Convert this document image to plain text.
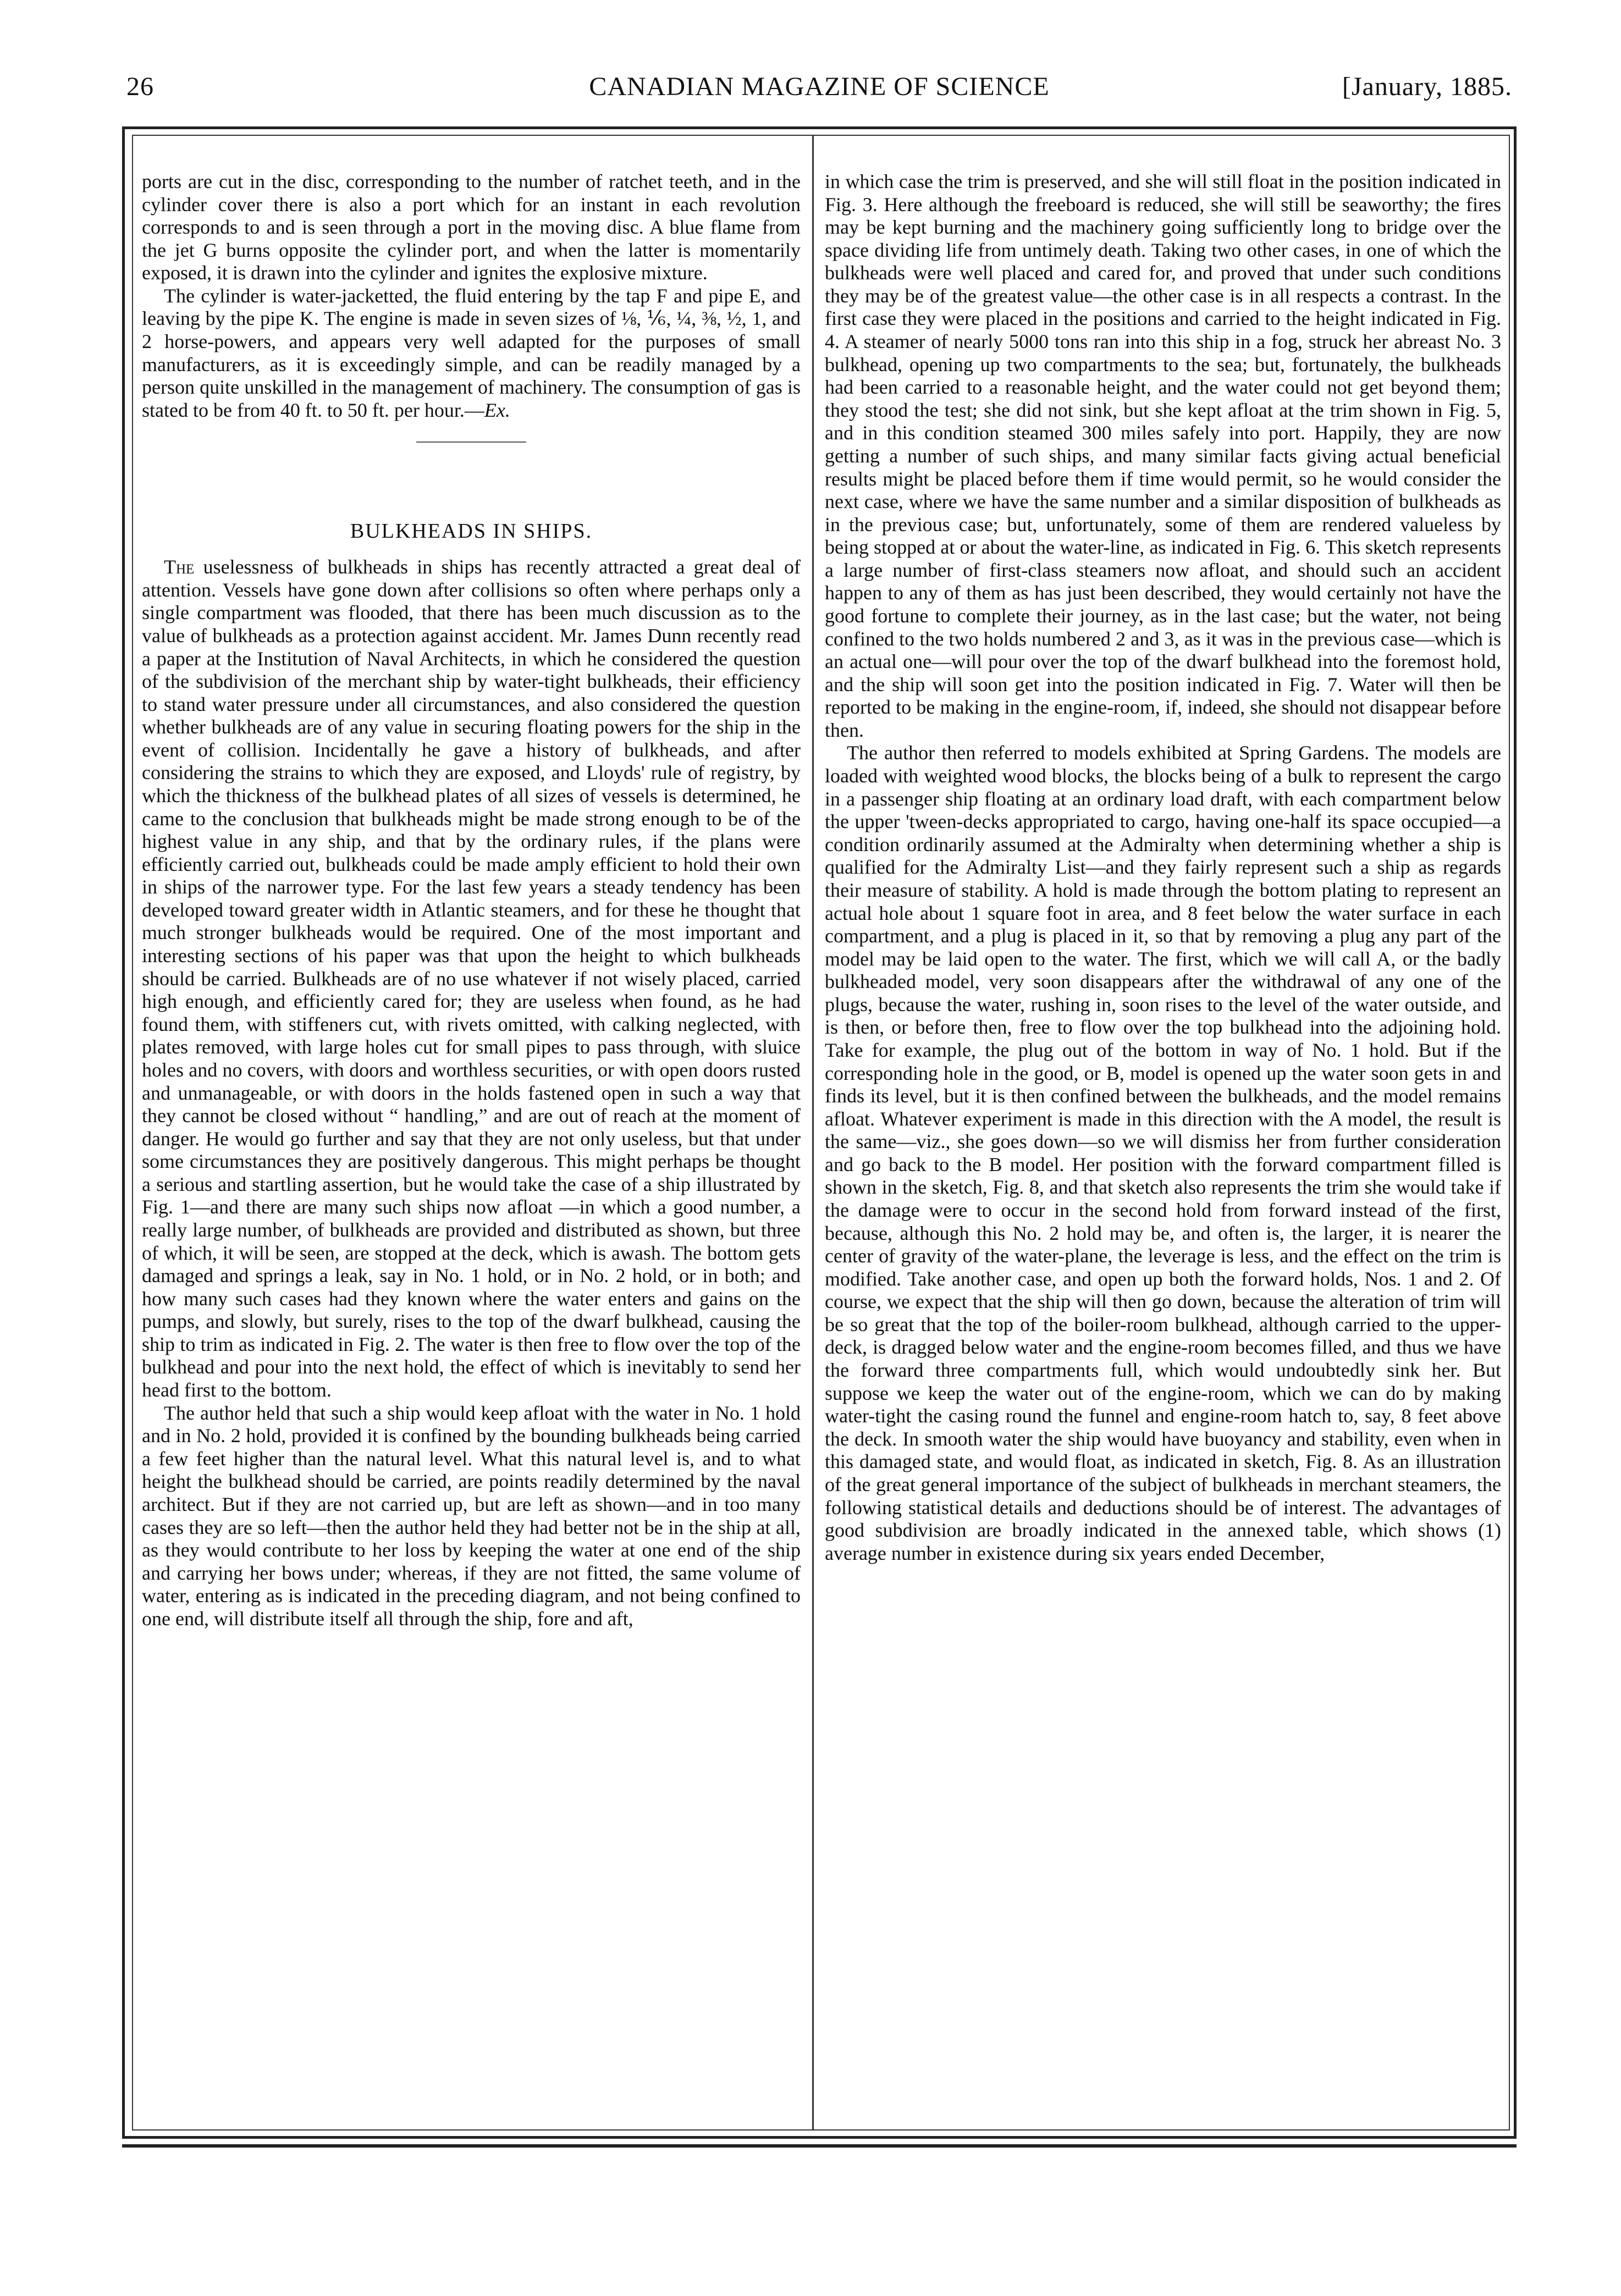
26	CANADIAN MAGAZINE OF SCIENCE	[January, 1885.

ports are cut in the disc, corresponding to the number of ratchet teeth, and in the cylinder cover there is also a port which for an instant in each revolution corresponds to and is seen through a port in the moving disc. A blue flame from the jet G burns opposite the cylinder port, and when the latter is momentarily exposed, it is drawn into the cylinder and ignites the explosive mixture.

The cylinder is water-jacketted, the fluid entering by the tap F and pipe E, and leaving by the pipe K. The engine is made in seven sizes of ⅛, ⅙, ¼, ⅜, ½, 1, and 2 horse-powers, and appears very well adapted for the purposes of small manufacturers, as it is exceedingly simple, and can be readily managed by a person quite unskilled in the management of machinery. The consumption of gas is stated to be from 40 ft. to 50 ft. per hour.—Ex.

BULKHEADS IN SHIPS.

The uselessness of bulkheads in ships has recently attracted a great deal of attention. Vessels have gone down after collisions so often where perhaps only a single compartment was flooded, that there has been much discussion as to the value of bulkheads as a protection against accident. Mr. James Dunn recently read a paper at the Institution of Naval Architects, in which he considered the question of the subdivision of the merchant ship by water-tight bulkheads, their efficiency to stand water pressure under all circumstances, and also considered the question whether bulkheads are of any value in securing floating powers for the ship in the event of collision. Incidentally he gave a history of bulkheads, and after considering the strains to which they are exposed, and Lloyds' rule of registry, by which the thickness of the bulkhead plates of all sizes of vessels is determined, he came to the conclusion that bulkheads might be made strong enough to be of the highest value in any ship, and that by the ordinary rules, if the plans were efficiently carried out, bulkheads could be made amply efficient to hold their own in ships of the narrower type. For the last few years a steady tendency has been developed toward greater width in Atlantic steamers, and for these he thought that much stronger bulkheads would be required. One of the most important and interesting sections of his paper was that upon the height to which bulkheads should be carried. Bulkheads are of no use whatever if not wisely placed, carried high enough, and efficiently cared for; they are useless when found, as he had found them, with stiffeners cut, with rivets omitted, with calking neglected, with plates removed, with large holes cut for small pipes to pass through, with sluice holes and no covers, with doors and worthless securities, or with open doors rusted and unmanageable, or with doors in the holds fastened open in such a way that they cannot be closed without “ handling,” and are out of reach at the moment of danger. He would go further and say that they are not only useless, but that under some circumstances they are positively dangerous. This might perhaps be thought a serious and startling assertion, but he would take the case of a ship illustrated by Fig. 1—and there are many such ships now afloat —in which a good number, a really large number, of bulkheads are provided and distributed as shown, but three of which, it will be seen, are stopped at the deck, which is awash. The bottom gets damaged and springs a leak, say in No. 1 hold, or in No. 2 hold, or in both; and how many such cases had they known where the water enters and gains on the pumps, and slowly, but surely, rises to the top of the dwarf bulkhead, causing the ship to trim as indicated in Fig. 2. The water is then free to flow over the top of the bulkhead and pour into the next hold, the effect of which is inevitably to send her head first to the bottom.

The author held that such a ship would keep afloat with the water in No. 1 hold and in No. 2 hold, provided it is confined by the bounding bulkheads being carried a few feet higher than the natural level. What this natural level is, and to what height the bulkhead should be carried, are points readily determined by the naval architect. But if they are not carried up, but are left as shown—and in too many cases they are so left—then the author held they had better not be in the ship at all, as they would contribute to her loss by keeping the water at one end of the ship and carrying her bows under; whereas, if they are not fitted, the same volume of water, entering as is indicated in the preceding diagram, and not being confined to one end, will distribute itself all through the ship, fore and aft,

in which case the trim is preserved, and she will still float in the position indicated in Fig. 3. Here although the freeboard is reduced, she will still be seaworthy; the fires may be kept burning and the machinery going sufficiently long to bridge over the space dividing life from untimely death. Taking two other cases, in one of which the bulkheads were well placed and cared for, and proved that under such conditions they may be of the greatest value—the other case is in all respects a contrast. In the first case they were placed in the positions and carried to the height indicated in Fig. 4. A steamer of nearly 5000 tons ran into this ship in a fog, struck her abreast No. 3 bulkhead, opening up two compartments to the sea; but, fortunately, the bulkheads had been carried to a reasonable height, and the water could not get beyond them; they stood the test; she did not sink, but she kept afloat at the trim shown in Fig. 5, and in this condition steamed 300 miles safely into port. Happily, they are now getting a number of such ships, and many similar facts giving actual beneficial results might be placed before them if time would permit, so he would consider the next case, where we have the same number and a similar disposition of bulkheads as in the previous case; but, unfortunately, some of them are rendered valueless by being stopped at or about the water-line, as indicated in Fig. 6. This sketch represents a large number of first-class steamers now afloat, and should such an accident happen to any of them as has just been described, they would certainly not have the good fortune to complete their journey, as in the last case; but the water, not being confined to the two holds numbered 2 and 3, as it was in the previous case—which is an actual one—will pour over the top of the dwarf bulkhead into the foremost hold, and the ship will soon get into the position indicated in Fig. 7. Water will then be reported to be making in the engine-room, if, indeed, she should not disappear before then.

The author then referred to models exhibited at Spring Gardens. The models are loaded with weighted wood blocks, the blocks being of a bulk to represent the cargo in a passenger ship floating at an ordinary load draft, with each compartment below the upper 'tween-decks appropriated to cargo, having one-half its space occupied—a condition ordinarily assumed at the Admiralty when determining whether a ship is qualified for the Admiralty List—and they fairly represent such a ship as regards their measure of stability. A hold is made through the bottom plating to represent an actual hole about 1 square foot in area, and 8 feet below the water surface in each compartment, and a plug is placed in it, so that by removing a plug any part of the model may be laid open to the water. The first, which we will call A, or the badly bulkheaded model, very soon disappears after the withdrawal of any one of the plugs, because the water, rushing in, soon rises to the level of the water outside, and is then, or before then, free to flow over the top bulkhead into the adjoining hold. Take for example, the plug out of the bottom in way of No. 1 hold. But if the corresponding hole in the good, or B, model is opened up the water soon gets in and finds its level, but it is then confined between the bulkheads, and the model remains afloat. Whatever experiment is made in this direction with the A model, the result is the same—viz., she goes down—so we will dismiss her from further consideration and go back to the B model. Her position with the forward compartment filled is shown in the sketch, Fig. 8, and that sketch also represents the trim she would take if the damage were to occur in the second hold from forward instead of the first, because, although this No. 2 hold may be, and often is, the larger, it is nearer the center of gravity of the water-plane, the leverage is less, and the effect on the trim is modified. Take another case, and open up both the forward holds, Nos. 1 and 2. Of course, we expect that the ship will then go down, because the alteration of trim will be so great that the top of the boiler-room bulkhead, although carried to the upper-deck, is dragged below water and the engine-room becomes filled, and thus we have the forward three compartments full, which would undoubtedly sink her. But suppose we keep the water out of the engine-room, which we can do by making water-tight the casing round the funnel and engine-room hatch to, say, 8 feet above the deck. In smooth water the ship would have buoyancy and stability, even when in this damaged state, and would float, as indicated in sketch, Fig. 8. As an illustration of the great general importance of the subject of bulkheads in merchant steamers, the following statistical details and deductions should be of interest. The advantages of good subdivision are broadly indicated in the annexed table, which shows (1) average number in existence during six years ended December,
